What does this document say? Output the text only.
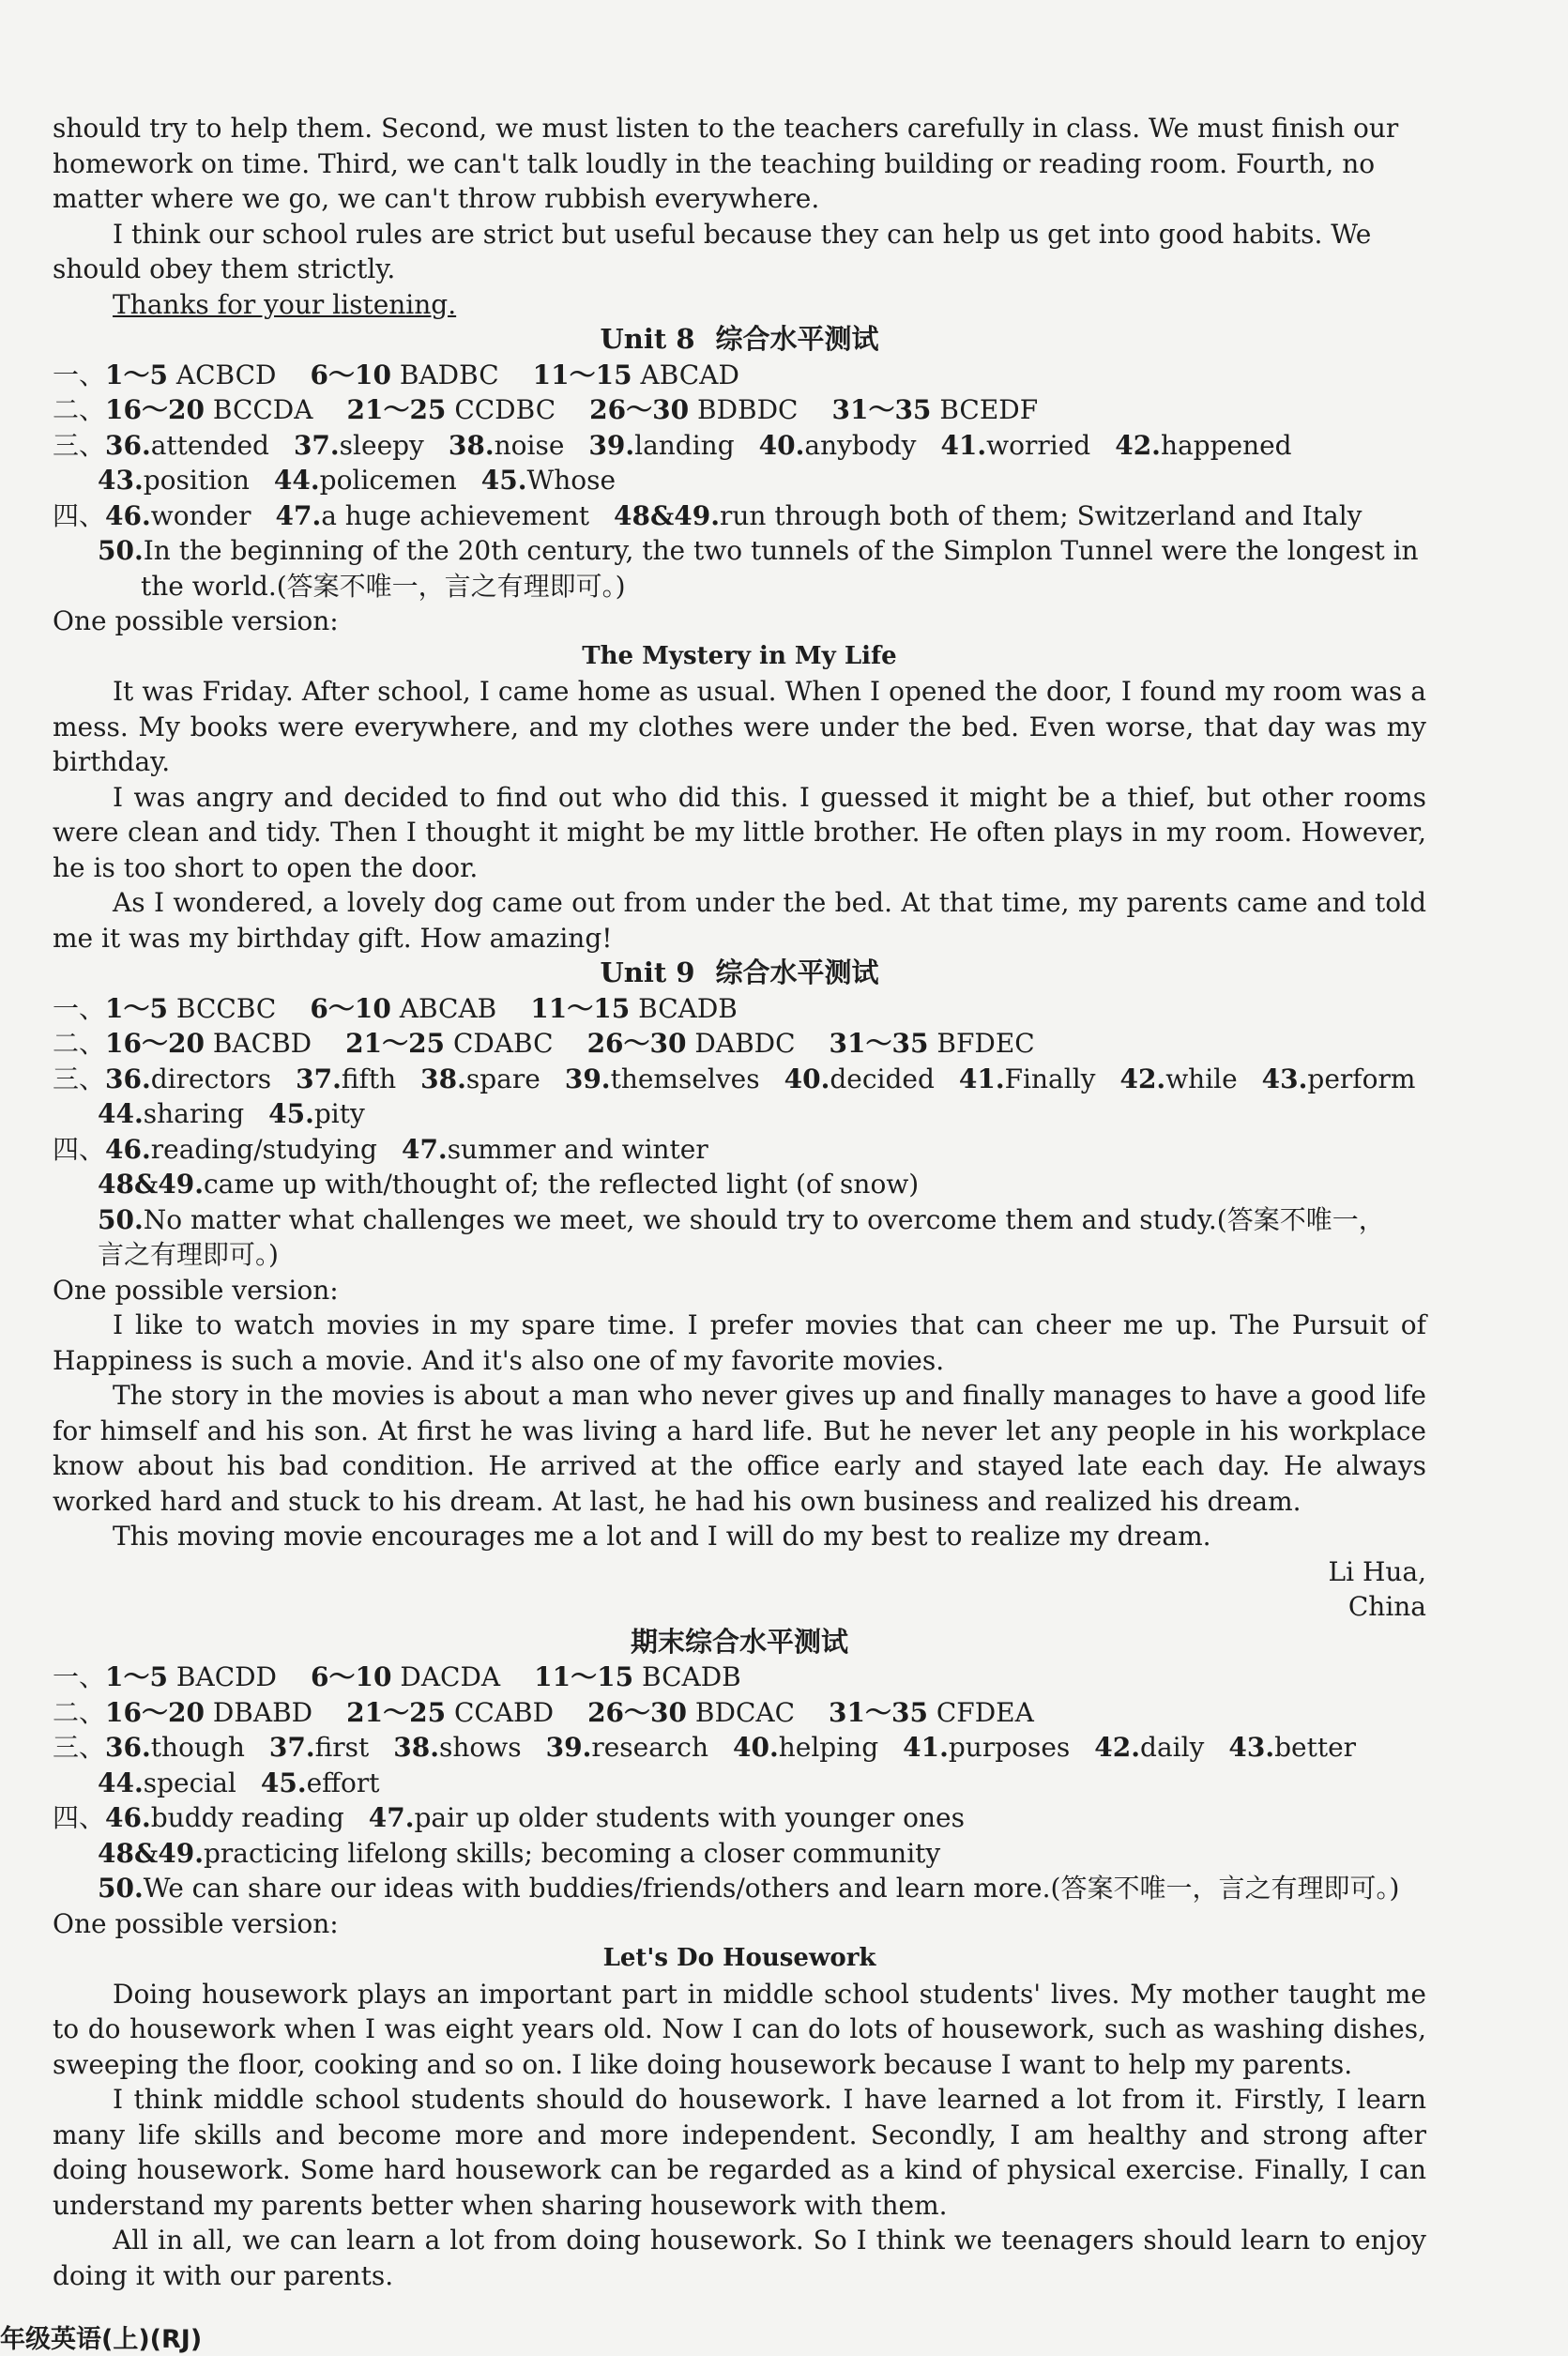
should try to help them. Second, we must listen to the teachers carefully in class. We must finish our
homework on time. Third, we can't talk loudly in the teaching building or reading room. Fourth, no
matter where we go, we can't throw rubbish everywhere.
I think our school rules are strict but useful because they can help us get into good habits. We
should obey them strictly.
Thanks for your listening.
Unit 8 综合水平测试
一、1～5 ACBCD 6～10 BADBC 11～15 ABCAD
二、16～20 BCCDA 21～25 CCDBC 26～30 BDBDC 31～35 BCEDF
三、36.attended 37.sleepy 38.noise 39.landing 40.anybody 41.worried 42.happened
43.position 44.policemen 45.Whose
四、46.wonder 47.a huge achievement 48&49.run through both of them; Switzerland and Italy
50.In the beginning of the 20th century, the two tunnels of the Simplon Tunnel were the longest in
the world.(答案不唯一，言之有理即可。)
One possible version:
The Mystery in My Life
It was Friday. After school, I came home as usual. When I opened the door, I found my room was a mess. My books were everywhere, and my clothes were under the bed. Even worse, that day was my birthday.
I was angry and decided to find out who did this. I guessed it might be a thief, but other rooms were clean and tidy. Then I thought it might be my little brother. He often plays in my room. However, he is too short to open the door.
As I wondered, a lovely dog came out from under the bed. At that time, my parents came and told me it was my birthday gift. How amazing!
Unit 9 综合水平测试
一、1～5 BCCBC 6～10 ABCAB 11～15 BCADB
二、16～20 BACBD 21～25 CDABC 26～30 DABDC 31～35 BFDEC
三、36.directors 37.fifth 38.spare 39.themselves 40.decided 41.Finally 42.while 43.perform
44.sharing 45.pity
四、46.reading/studying 47.summer and winter
48&49.came up with/thought of; the reflected light (of snow)
50.No matter what challenges we meet, we should try to overcome them and study.(答案不唯一，
言之有理即可。)
One possible version:
I like to watch movies in my spare time. I prefer movies that can cheer me up. The Pursuit of Happiness is such a movie. And it's also one of my favorite movies.
The story in the movies is about a man who never gives up and finally manages to have a good life for himself and his son. At first he was living a hard life. But he never let any people in his workplace know about his bad condition. He arrived at the office early and stayed late each day. He always worked hard and stuck to his dream. At last, he had his own business and realized his dream.
This moving movie encourages me a lot and I will do my best to realize my dream.
Li Hua,
China
期末综合水平测试
一、1～5 BACDD 6～10 DACDA 11～15 BCADB
二、16～20 DBABD 21～25 CCABD 26～30 BDCAC 31～35 CFDEA
三、36.though 37.first 38.shows 39.research 40.helping 41.purposes 42.daily 43.better
44.special 45.effort
四、46.buddy reading 47.pair up older students with younger ones
48&49.practicing lifelong skills; becoming a closer community
50.We can share our ideas with buddies/friends/others and learn more.(答案不唯一，言之有理即可。)
One possible version:
Let's Do Housework
Doing housework plays an important part in middle school students' lives. My mother taught me to do housework when I was eight years old. Now I can do lots of housework, such as washing dishes, sweeping the floor, cooking and so on. I like doing housework because I want to help my parents.
I think middle school students should do housework. I have learned a lot from it. Firstly, I learn many life skills and become more and more independent. Secondly, I am healthy and strong after doing housework. Some hard housework can be regarded as a kind of physical exercise. Finally, I can understand my parents better when sharing housework with them.
All in all, we can learn a lot from doing housework. So I think we teenagers should learn to enjoy doing it with our parents.
年级英语(上)(RJ)
